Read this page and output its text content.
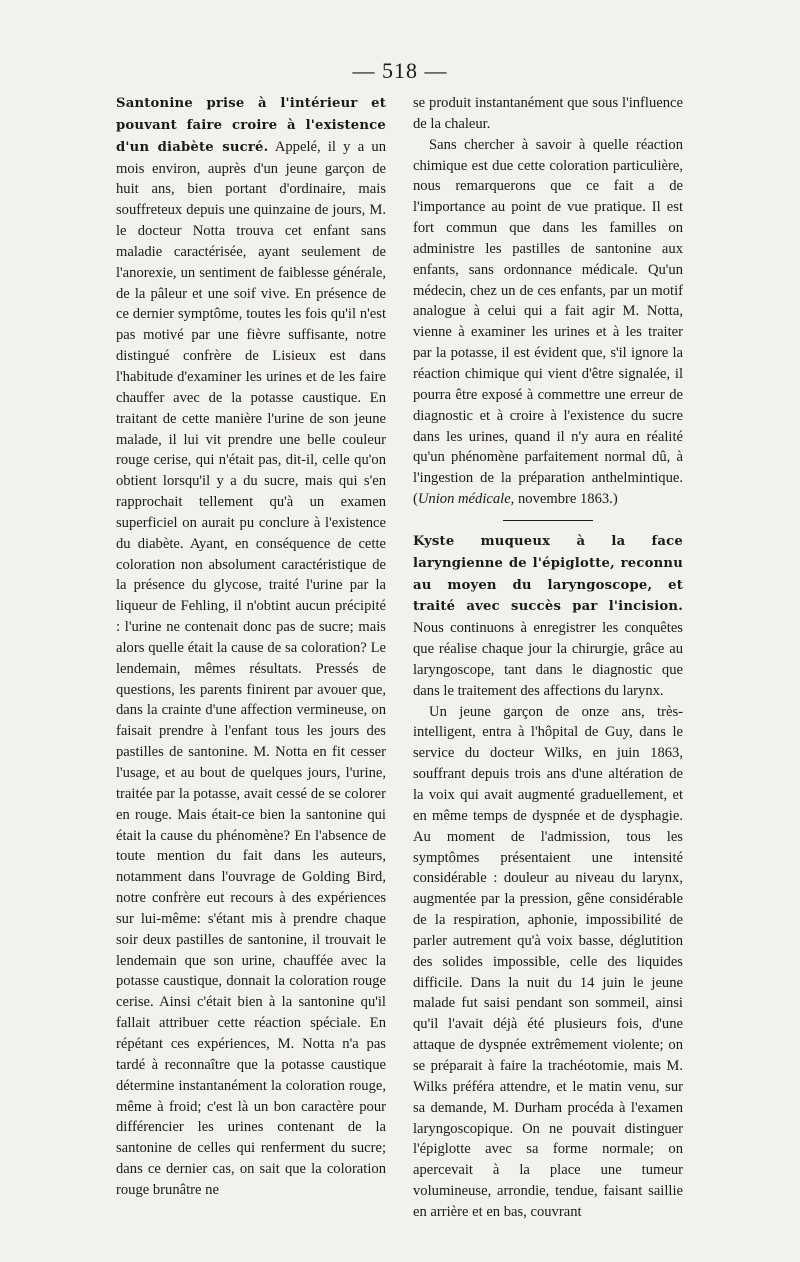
— 518 —

Santonine prise à l'intérieur et pouvant faire croire à l'existence d'un diabète sucré. Appelé, il y a un mois environ, auprès d'un jeune garçon de huit ans, bien portant d'ordinaire, mais souffreteux depuis une quinzaine de jours, M. le docteur Notta trouva cet enfant sans maladie caractérisée, ayant seulement de l'anorexie, un sentiment de faiblesse générale, de la pâleur et une soif vive. En présence de ce dernier symptôme, toutes les fois qu'il n'est pas motivé par une fièvre suffisante, notre distingué confrère de Lisieux est dans l'habitude d'examiner les urines et de les faire chauffer avec de la potasse caustique. En traitant de cette manière l'urine de son jeune malade, il lui vit prendre une belle couleur rouge cerise, qui n'était pas, dit-il, celle qu'on obtient lorsqu'il y a du sucre, mais qui s'en rapprochait tellement qu'à un examen superficiel on aurait pu conclure à l'existence du diabète. Ayant, en conséquence de cette coloration non absolument caractéristique de la présence du glycose, traité l'urine par la liqueur de Fehling, il n'obtint aucun précipité : l'urine ne contenait donc pas de sucre; mais alors quelle était la cause de sa coloration? Le lendemain, mêmes résultats. Pressés de questions, les parents finirent par avouer que, dans la crainte d'une affection vermineuse, on faisait prendre à l'enfant tous les jours des pastilles de santonine. M. Notta en fit cesser l'usage, et au bout de quelques jours, l'urine, traitée par la potasse, avait cessé de se colorer en rouge. Mais était-ce bien la santonine qui était la cause du phénomène? En l'absence de toute mention du fait dans les auteurs, notamment dans l'ouvrage de Golding Bird, notre confrère eut recours à des expériences sur lui-même: s'étant mis à prendre chaque soir deux pastilles de santonine, il trouvait le lendemain que son urine, chauffée avec la potasse caustique, donnait la coloration rouge cerise. Ainsi c'était bien à la santonine qu'il fallait attribuer cette réaction spéciale. En répétant ces expériences, M. Notta n'a pas tardé à reconnaître que la potasse caustique détermine instantanément la coloration rouge, même à froid; c'est là un bon caractère pour différencier les urines contenant de la santonine de celles qui renferment du sucre; dans ce dernier cas, on sait que la coloration rouge brunâtre ne

se produit instantanément que sous l'influence de la chaleur.

Sans chercher à savoir à quelle réaction chimique est due cette coloration particulière, nous remarquerons que ce fait a de l'importance au point de vue pratique. Il est fort commun que dans les familles on administre les pastilles de santonine aux enfants, sans ordonnance médicale. Qu'un médecin, chez un de ces enfants, par un motif analogue à celui qui a fait agir M. Notta, vienne à examiner les urines et à les traiter par la potasse, il est évident que, s'il ignore la réaction chimique qui vient d'être signalée, il pourra être exposé à commettre une erreur de diagnostic et à croire à l'existence du sucre dans les urines, quand il n'y aura en réalité qu'un phénomène parfaitement normal dû, à l'ingestion de la préparation anthelmintique. (Union médicale, novembre 1863.)

Kyste muqueux à la face laryngienne de l'épiglotte, reconnu au moyen du laryngoscope, et traité avec succès par l'incision. Nous continuons à enregistrer les conquêtes que réalise chaque jour la chirurgie, grâce au laryngoscope, tant dans le diagnostic que dans le traitement des affections du larynx.

Un jeune garçon de onze ans, très-intelligent, entra à l'hôpital de Guy, dans le service du docteur Wilks, en juin 1863, souffrant depuis trois ans d'une altération de la voix qui avait augmenté graduellement, et en même temps de dyspnée et de dysphagie. Au moment de l'admission, tous les symptômes présentaient une intensité considérable : douleur au niveau du larynx, augmentée par la pression, gêne considérable de la respiration, aphonie, impossibilité de parler autrement qu'à voix basse, déglutition des solides impossible, celle des liquides difficile. Dans la nuit du 14 juin le jeune malade fut saisi pendant son sommeil, ainsi qu'il l'avait déjà été plusieurs fois, d'une attaque de dyspnée extrêmement violente; on se préparait à faire la trachéotomie, mais M. Wilks préféra attendre, et le matin venu, sur sa demande, M. Durham procéda à l'examen laryngoscopique. On ne pouvait distinguer l'épiglotte avec sa forme normale; on apercevait à la place une tumeur volumineuse, arrondie, tendue, faisant saillie en arrière et en bas, couvrant
